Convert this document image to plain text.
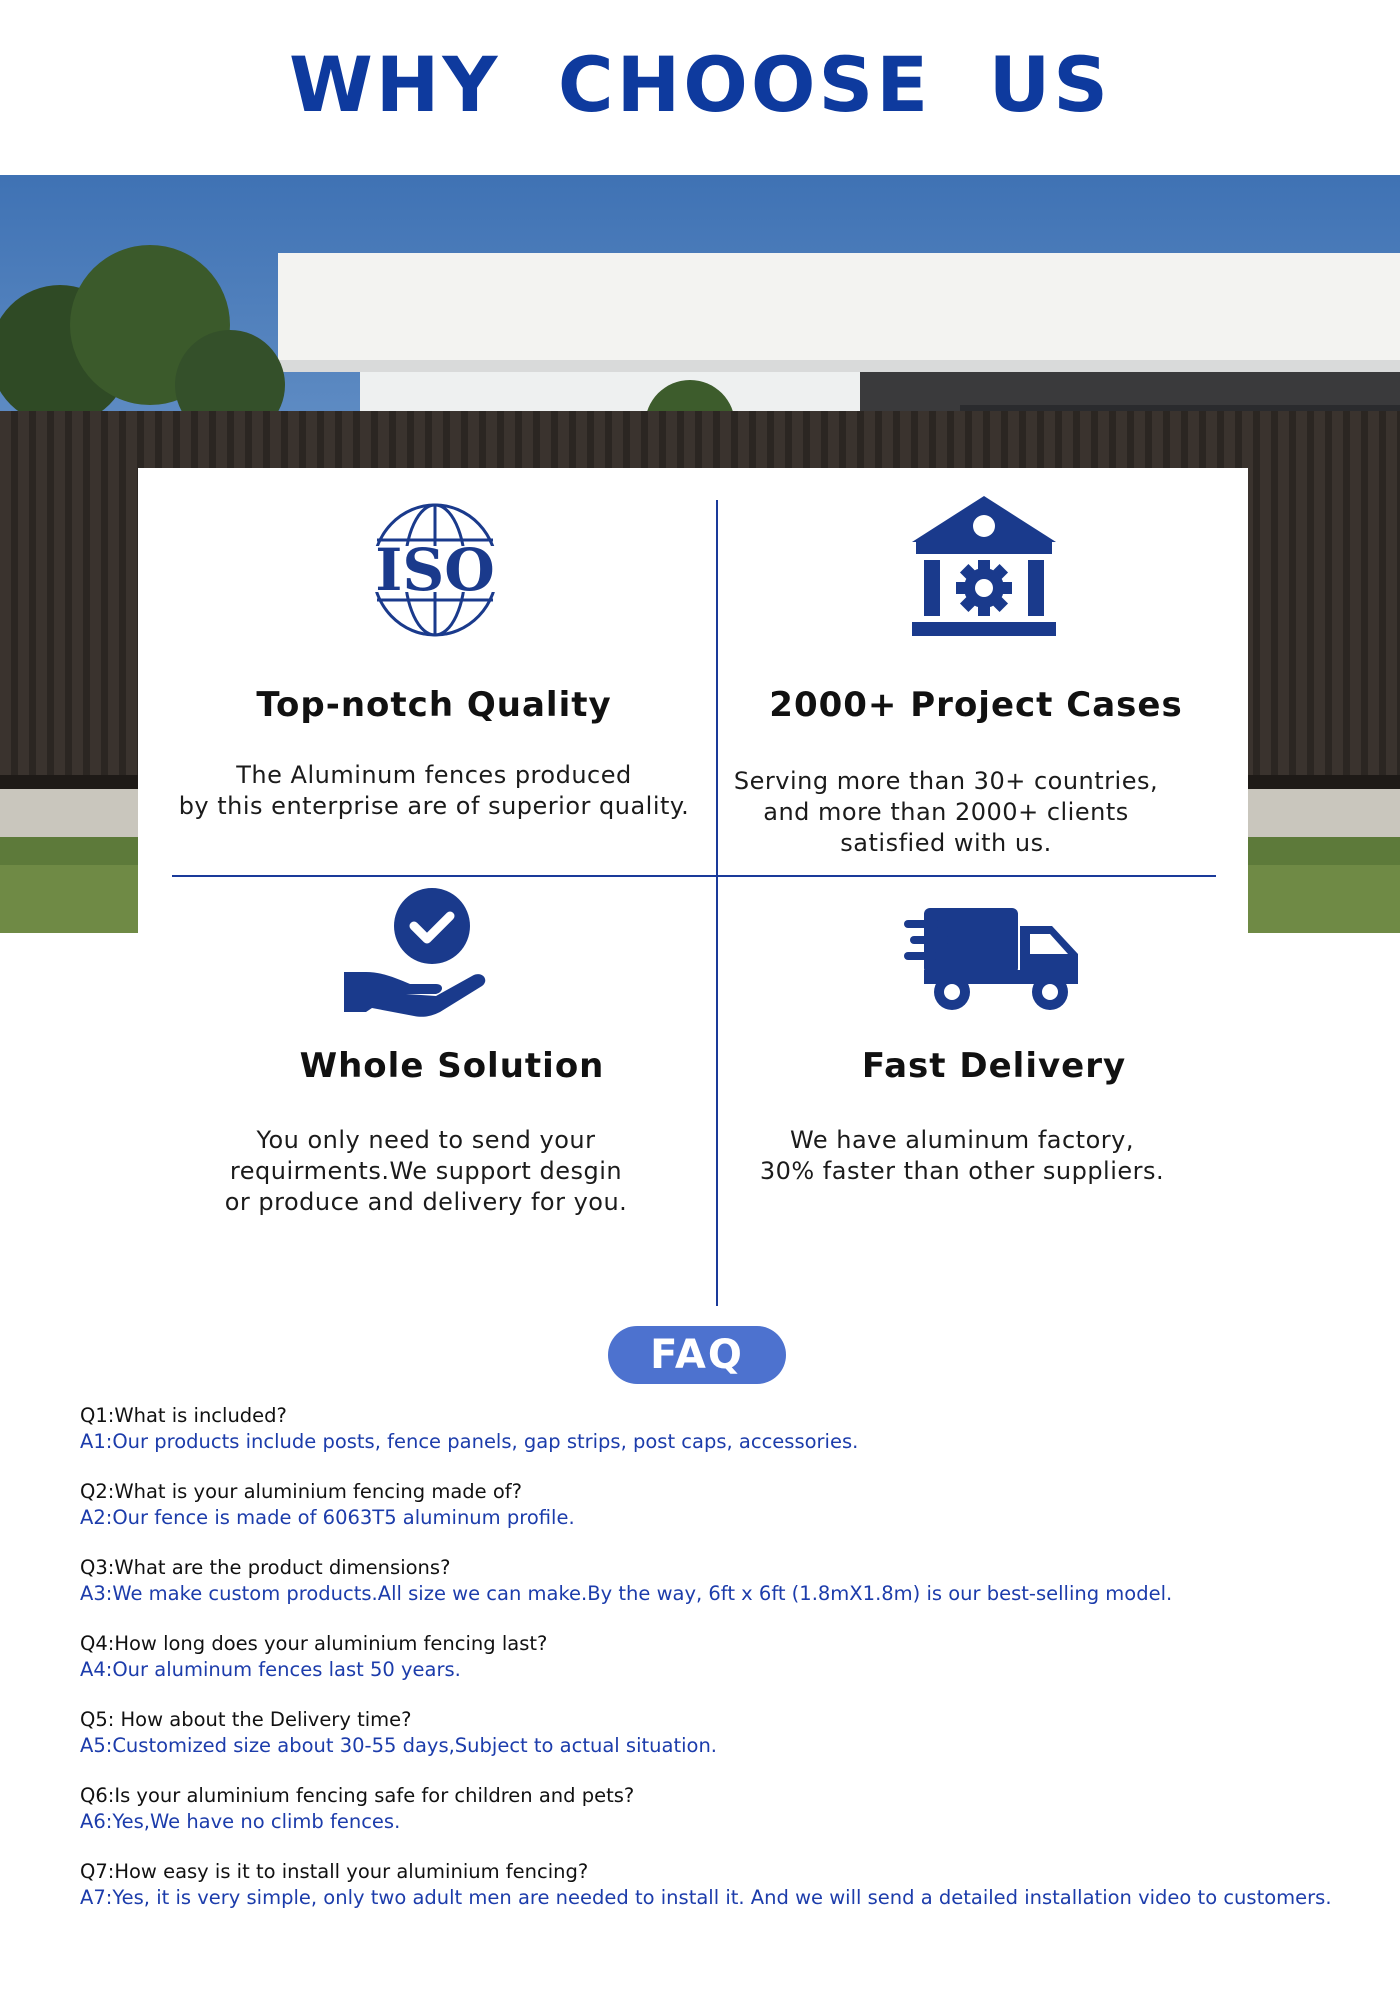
WHY CHOOSE US
ISO
Top-notch Quality

The Aluminum fences produced
by this enterprise are of superior quality.

2000+ Project Cases

Serving more than 30+ countries,
and more than 2000+ clients
satisfied with us.

Whole Solution

You only need to send your
requirments.We support desgin
or produce and delivery for you.

Fast Delivery

We have aluminum factory,
30% faster than other suppliers.

FAQ
Q1:What is included?
A1:Our products include posts, fence panels, gap strips, post caps, accessories.
Q2:What is your aluminium fencing made of?
A2:Our fence is made of 6063T5 aluminum profile.
Q3:What are the product dimensions?
A3:We make custom products.All size we can make.By the way, 6ft x 6ft (1.8mX1.8m) is our best-selling model.
Q4:How long does your aluminium fencing last?
A4:Our aluminum fences last 50 years.
Q5: How about the Delivery time?
A5:Customized size about 30-55 days,Subject to actual situation.
Q6:Is your aluminium fencing safe for children and pets?
A6:Yes,We have no climb fences.
Q7:How easy is it to install your aluminium fencing?
A7:Yes, it is very simple, only two adult men are needed to install it. And we will send a detailed installation video to customers.
